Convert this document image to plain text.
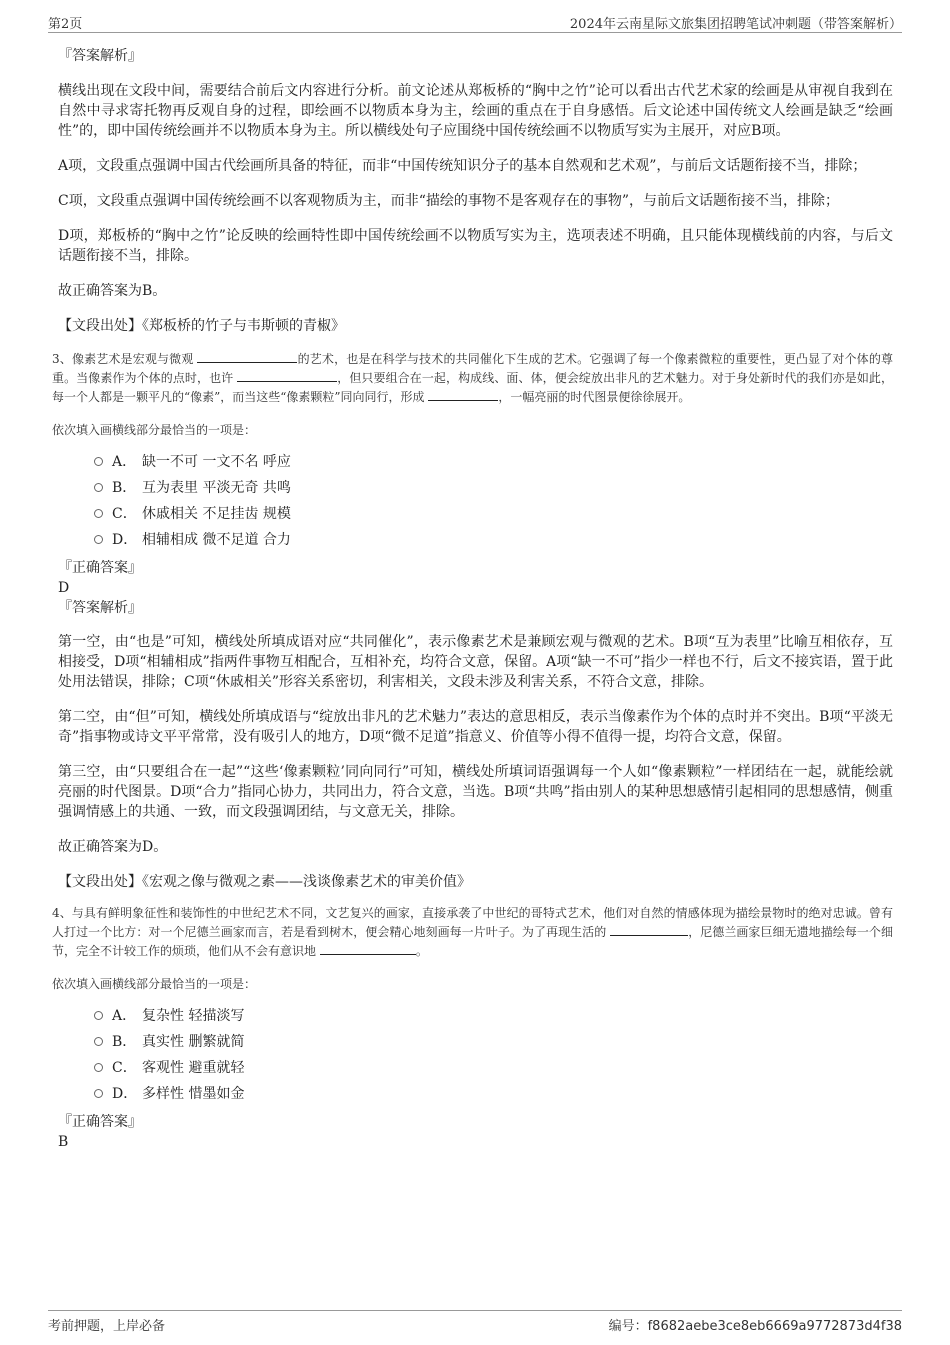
第2页	2024年云南星际文旅集团招聘笔试冲刺题（带答案解析）
『答案解析』

横线出现在文段中间，需要结合前后文内容进行分析。前文论述从郑板桥的“胸中之竹”论可以看出古代艺术家的绘画是从审视自我到在自然中寻求寄托物再反观自身的过程，即绘画不以物质本身为主，绘画的重点在于自身感悟。后文论述中国传统文人绘画是缺乏“绘画性”的，即中国传统绘画并不以物质本身为主。所以横线处句子应围绕中国传统绘画不以物质写实为主展开，对应B项。

A项，文段重点强调中国古代绘画所具备的特征，而非“中国传统知识分子的基本自然观和艺术观”，与前后文话题衔接不当，排除；

C项，文段重点强调中国传统绘画不以客观物质为主，而非“描绘的事物不是客观存在的事物”，与前后文话题衔接不当，排除；

D项，郑板桥的“胸中之竹”论反映的绘画特性即中国传统绘画不以物质写实为主，选项表述不明确，且只能体现横线前的内容，与后文话题衔接不当，排除。

故正确答案为B。

【文段出处】《郑板桥的竹子与韦斯顿的青椒》

3、像素艺术是宏观与微观	的艺术，也是在科学与技术的共同催化下生成的艺术。它强调了每一个像素微粒的重要性，更凸显了对个体的尊重。当像素作为个体的点时，也许	，但只要组合在一起，构成线、面、体，便会绽放出非凡的艺术魅力。对于身处新时代的我们亦是如此，每一个人都是一颗平凡的“像素”，而当这些“像素颗粒”同向同行，形成	，一幅亮丽的时代图景便徐徐展开。
依次填入画横线部分最恰当的一项是：
A． 缺一不可 一文不名 呼应
B． 互为表里 平淡无奇 共鸣
C． 休戚相关 不足挂齿 规模
D． 相辅相成 微不足道 合力
『正确答案』
D
『答案解析』

第一空，由“也是”可知，横线处所填成语对应“共同催化”，表示像素艺术是兼顾宏观与微观的艺术。B项“互为表里”比喻互相依存，互相接受，D项“相辅相成”指两件事物互相配合，互相补充，均符合文意，保留。A项“缺一不可”指少一样也不行，后文不接宾语，置于此处用法错误，排除；C项“休戚相关”形容关系密切，利害相关，文段未涉及利害关系，不符合文意，排除。

第二空，由“但”可知，横线处所填成语与“绽放出非凡的艺术魅力”表达的意思相反，表示当像素作为个体的点时并不突出。B项“平淡无奇”指事物或诗文平平常常，没有吸引人的地方，D项“微不足道”指意义、价值等小得不值得一提，均符合文意，保留。

第三空，由“只要组合在一起”“这些‘像素颗粒’同向同行”可知，横线处所填词语强调每一个人如“像素颗粒”一样团结在一起，就能绘就亮丽的时代图景。D项“合力”指同心协力，共同出力，符合文意，当选。B项“共鸣”指由别人的某种思想感情引起相同的思想感情，侧重强调情感上的共通、一致，而文段强调团结，与文意无关，排除。

故正确答案为D。

【文段出处】《宏观之像与微观之素——浅谈像素艺术的审美价值》

4、与具有鲜明象征性和装饰性的中世纪艺术不同，文艺复兴的画家，直接承袭了中世纪的哥特式艺术，他们对自然的情感体现为描绘景物时的绝对忠诚。曾有人打过一个比方：对一个尼德兰画家而言，若是看到树木，便会精心地刻画每一片叶子。为了再现生活的	，尼德兰画家巨细无遗地描绘每一个细节，完全不计较工作的烦琐，他们从不会有意识地	。
依次填入画横线部分最恰当的一项是：
A． 复杂性 轻描淡写
B． 真实性 删繁就简
C． 客观性 避重就轻
D． 多样性 惜墨如金
『正确答案』
B
考前押题，上岸必备	编号：f8682aebe3ce8eb6669a9772873d4f38
